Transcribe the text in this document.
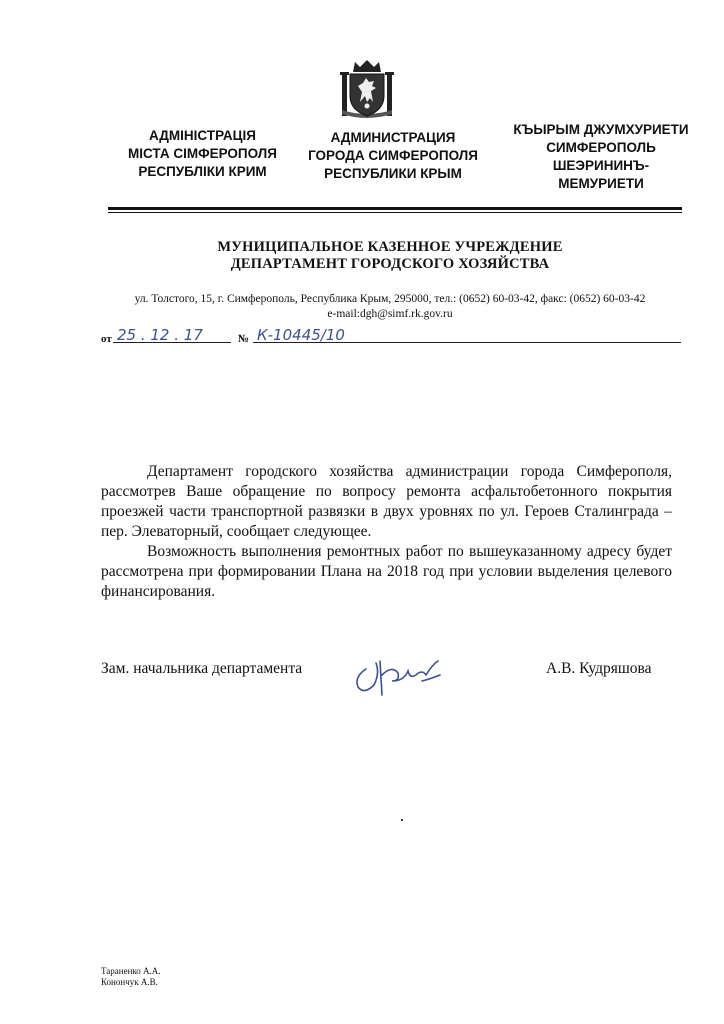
АДМІНІСТРАЦІЯ
МІСТА СІМФЕРОПОЛЯ
РЕСПУБЛІКИ КРИМ
АДМИНИСТРАЦИЯ
ГОРОДА СИМФЕРОПОЛЯ
РЕСПУБЛИКИ КРЫМ
КЪЫРЫМ ДЖУМХУРИЕТИ
СИМФЕРОПОЛЬ
ШЕЭРИНИНЪ-
МЕМУРИЕТИ
МУНИЦИПАЛЬНОЕ КАЗЕННОЕ УЧРЕЖДЕНИЕ
ДЕПАРТАМЕНТ ГОРОДСКОГО ХОЗЯЙСТВА
ул. Толстого, 15, г. Симферополь, Республика Крым, 295000, тел.: (0652) 60-03-42, факс: (0652) 60-03-42
e-mail:dgh@simf.rk.gov.ru
от 25 . 12 . 17	№ К-10445/10

Департамент городского хозяйства администрации города Симферополя, рассмотрев Ваше обращение по вопросу ремонта асфальтобетонного покрытия проезжей части транспортной развязки в двух уровнях по ул. Героев Сталинграда – пер. Элеваторный, сообщает следующее.

Возможность выполнения ремонтных работ по вышеуказанному адресу будет рассмотрена при формировании Плана на 2018 год при условии выделения целевого финансирования.

Зам. начальника департамента	А.В. Кудряшова
Тараненко А.А.
Конончук А.В.
